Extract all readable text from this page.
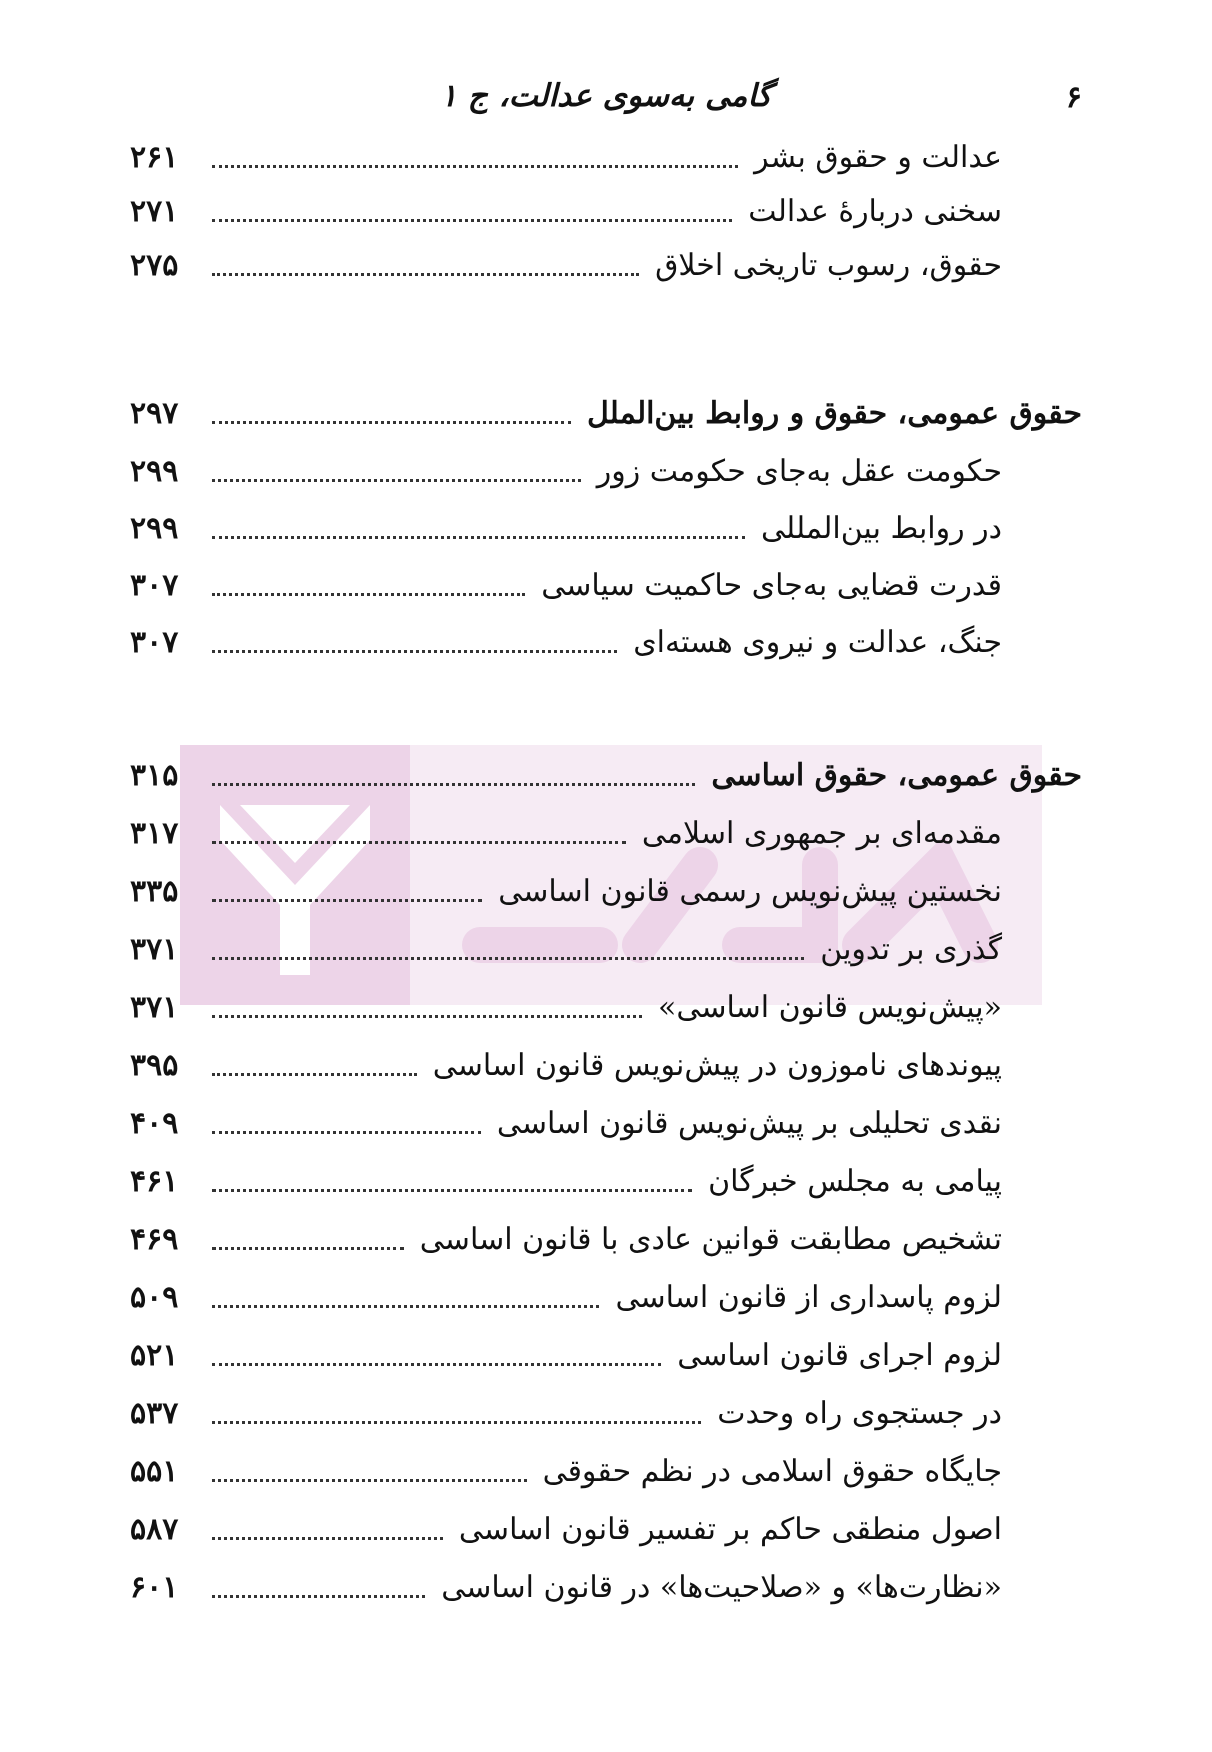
۶
گامی به‌سوی عدالت، ج ۱
عدالت و حقوق بشر
۲۶۱
سخنی دربارهٔ عدالت
۲۷۱
حقوق، رسوب تاریخی اخلاق
۲۷۵
حقوق عمومی، حقوق و روابط بین‌الملل
۲۹۷
حکومت عقل به‌جای حکومت زور
۲۹۹
در روابط بین‌المللی
۲۹۹
قدرت قضایی به‌جای حاکمیت سیاسی
۳۰۷
جنگ، عدالت و نیروی هسته‌ای
۳۰۷
حقوق عمومی، حقوق اساسی
۳۱۵
مقدمه‌ای بر جمهوری اسلامی
۳۱۷
نخستین پیش‌نویس رسمی قانون اساسی
۳۳۵
گذری بر تدوین
۳۷۱
«پیش‌نویس قانون اساسی»
۳۷۱
پیوندهای ناموزون در پیش‌نویس قانون اساسی
۳۹۵
نقدی تحلیلی بر پیش‌نویس قانون اساسی
۴۰۹
پیامی به مجلس خبرگان
۴۶۱
تشخیص مطابقت قوانین عادی با قانون اساسی
۴۶۹
لزوم پاسداری از قانون اساسی
۵۰۹
لزوم اجرای قانون اساسی
۵۲۱
در جستجوی راه وحدت
۵۳۷
جایگاه حقوق اسلامی در نظم حقوقی
۵۵۱
اصول منطقی حاکم بر تفسیر قانون اساسی
۵۸۷
«نظارت‌ها» و «صلاحیت‌ها» در قانون اساسی
۶۰۱
